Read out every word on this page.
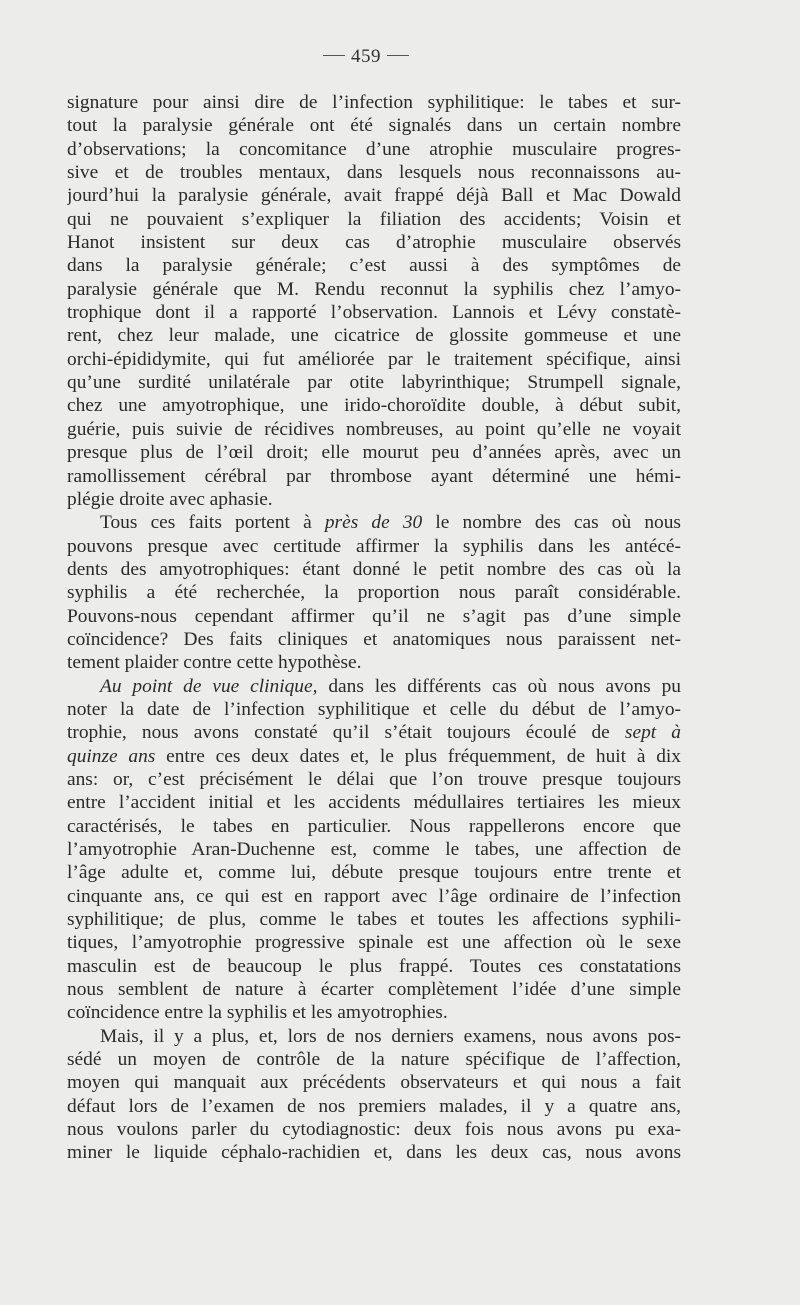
459
signature pour ainsi dire de l’infection syphilitique: le tabes et sur-
tout la paralysie générale ont été signalés dans un certain nombre
d’observations; la concomitance d’une atrophie musculaire progres-
sive et de troubles mentaux, dans lesquels nous reconnaissons au-
jourd’hui la paralysie générale, avait frappé déjà Ball et Mac Dowald
qui ne pouvaient s’expliquer la filiation des accidents; Voisin et
Hanot insistent sur deux cas d’atrophie musculaire observés
dans la paralysie générale; c’est aussi à des symptômes de
paralysie générale que M. Rendu reconnut la syphilis chez l’amyo-
trophique dont il a rapporté l’observation. Lannois et Lévy constatè-
rent, chez leur malade, une cicatrice de glossite gommeuse et une
orchi-épididymite, qui fut améliorée par le traitement spécifique, ainsi
qu’une surdité unilatérale par otite labyrinthique; Strumpell signale,
chez une amyotrophique, une irido-choroïdite double, à début subit,
guérie, puis suivie de récidives nombreuses, au point qu’elle ne voyait
presque plus de l’œil droit; elle mourut peu d’années après, avec un
ramollissement cérébral par thrombose ayant déterminé une hémi-
plégie droite avec aphasie.
Tous ces faits portent à près de 30 le nombre des cas où nous
pouvons presque avec certitude affirmer la syphilis dans les antécé-
dents des amyotrophiques: étant donné le petit nombre des cas où la
syphilis a été recherchée, la proportion nous paraît considérable.
Pouvons-nous cependant affirmer qu’il ne s’agit pas d’une simple
coïncidence? Des faits cliniques et anatomiques nous paraissent net-
tement plaider contre cette hypothèse.
Au point de vue clinique, dans les différents cas où nous avons pu
noter la date de l’infection syphilitique et celle du début de l’amyo-
trophie, nous avons constaté qu’il s’était toujours écoulé de sept à
quinze ans entre ces deux dates et, le plus fréquemment, de huit à dix
ans: or, c’est précisément le délai que l’on trouve presque toujours
entre l’accident initial et les accidents médullaires tertiaires les mieux
caractérisés, le tabes en particulier. Nous rappellerons encore que
l’amyotrophie Aran-Duchenne est, comme le tabes, une affection de
l’âge adulte et, comme lui, débute presque toujours entre trente et
cinquante ans, ce qui est en rapport avec l’âge ordinaire de l’infection
syphilitique; de plus, comme le tabes et toutes les affections syphili-
tiques, l’amyotrophie progressive spinale est une affection où le sexe
masculin est de beaucoup le plus frappé. Toutes ces constatations
nous semblent de nature à écarter complètement l’idée d’une simple
coïncidence entre la syphilis et les amyotrophies.
Mais, il y a plus, et, lors de nos derniers examens, nous avons pos-
sédé un moyen de contrôle de la nature spécifique de l’affection,
moyen qui manquait aux précédents observateurs et qui nous a fait
défaut lors de l’examen de nos premiers malades, il y a quatre ans,
nous voulons parler du cytodiagnostic: deux fois nous avons pu exa-
miner le liquide céphalo-rachidien et, dans les deux cas, nous avons
